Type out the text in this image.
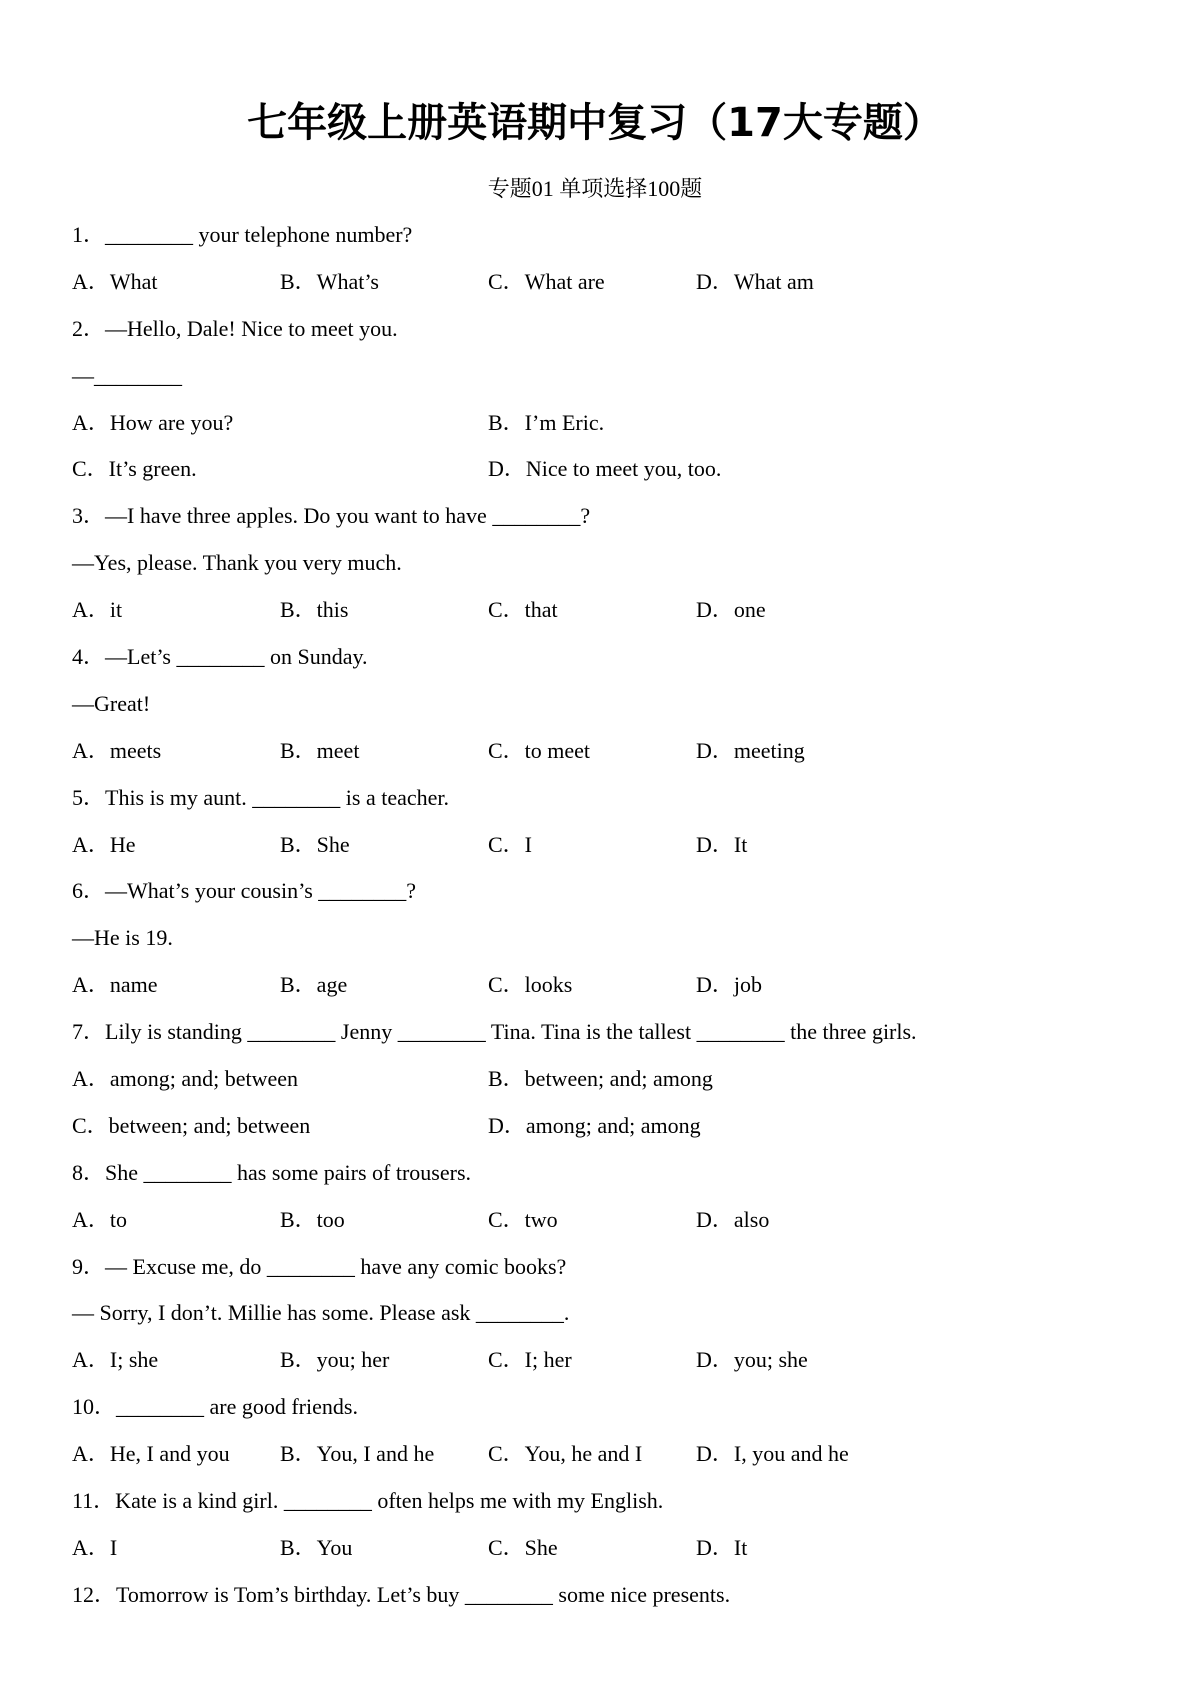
七年级上册英语期中复习（17大专题）
专题01 单项选择100题
1．________ your telephone number?
A．What	B．What’s	C．What are	D．What am
2．—Hello, Dale! Nice to meet you.
—________
A．How are you?	B．I’m Eric.
C．It’s green.	D．Nice to meet you, too.
3．—I have three apples. Do you want to have ________?
—Yes, please. Thank you very much.
A．it	B．this	C．that	D．one
4．—Let’s ________ on Sunday.
—Great!
A．meets	B．meet	C．to meet	D．meeting
5．This is my aunt. ________ is a teacher.
A．He	B．She	C．I	D．It
6．—What’s your cousin’s ________?
—He is 19.
A．name	B．age	C．looks	D．job
7．Lily is standing ________ Jenny ________ Tina. Tina is the tallest ________ the three girls.
A．among; and; between	B．between; and; among
C．between; and; between	D．among; and; among
8．She ________ has some pairs of trousers.
A．to	B．too	C．two	D．also
9．— Excuse me, do ________ have any comic books?
— Sorry, I don’t. Millie has some. Please ask ________.
A．I; she	B．you; her	C．I; her	D．you; she
10．________ are good friends.
A．He, I and you B．You, I and he C．You, he and I D．I, you and he
11．Kate is a kind girl. ________ often helps me with my English.
A．I	B．You	C．She	D．It
12．Tomorrow is Tom’s birthday. Let’s buy ________ some nice presents.
